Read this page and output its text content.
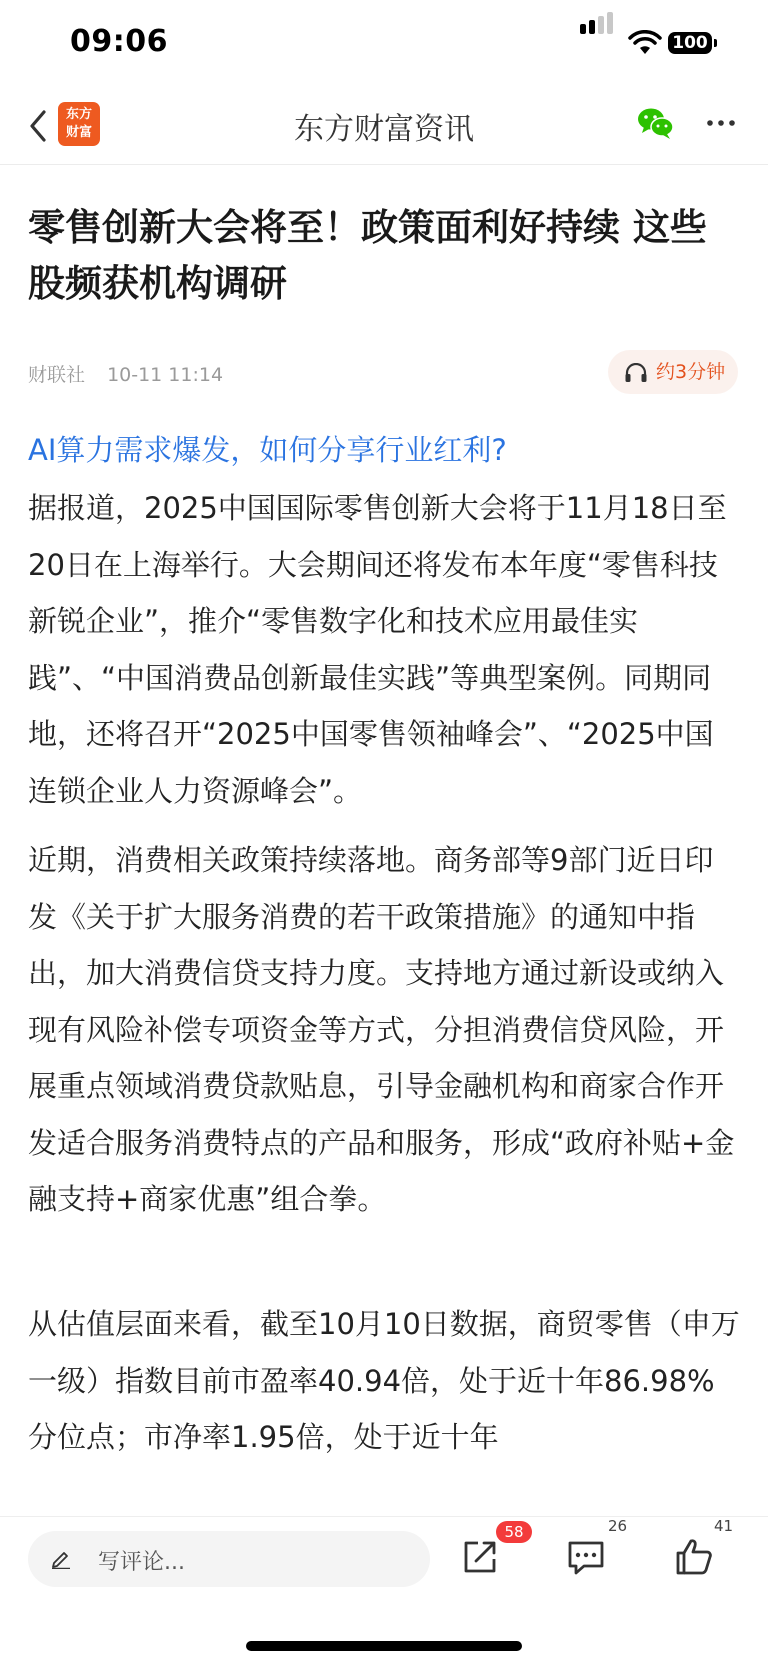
09:06	100
东方
财富	东方财富资讯
零售创新大会将至！政策面利好持续 这些股频获机构调研
财联社 10-11 11:14	约3分钟
AI算力需求爆发，如何分享行业红利?

据报道，2025中国国际零售创新大会将于11月18日至20日在上海举行。大会期间还将发布本年度“零售科技新锐企业”，推介“零售数字化和技术应用最佳实践”、“中国消费品创新最佳实践”等典型案例。同期同地，还将召开“2025中国零售领袖峰会”、“2025中国连锁企业人力资源峰会”。

近期，消费相关政策持续落地。商务部等9部门近日印发《关于扩大服务消费的若干政策措施》的通知中指出，加大消费信贷支持力度。支持地方通过新设或纳入现有风险补偿专项资金等方式，分担消费信贷风险，开展重点领域消费贷款贴息，引导金融机构和商家合作开发适合服务消费特点的产品和服务，形成“政府补贴+金融支持+商家优惠”组合拳。

从估值层面来看，截至10月10日数据，商贸零售（申万一级）指数目前市盈率40.94倍，处于近十年86.98%分位点；市净率1.95倍，处于近十年

写评论...
58	26	41
